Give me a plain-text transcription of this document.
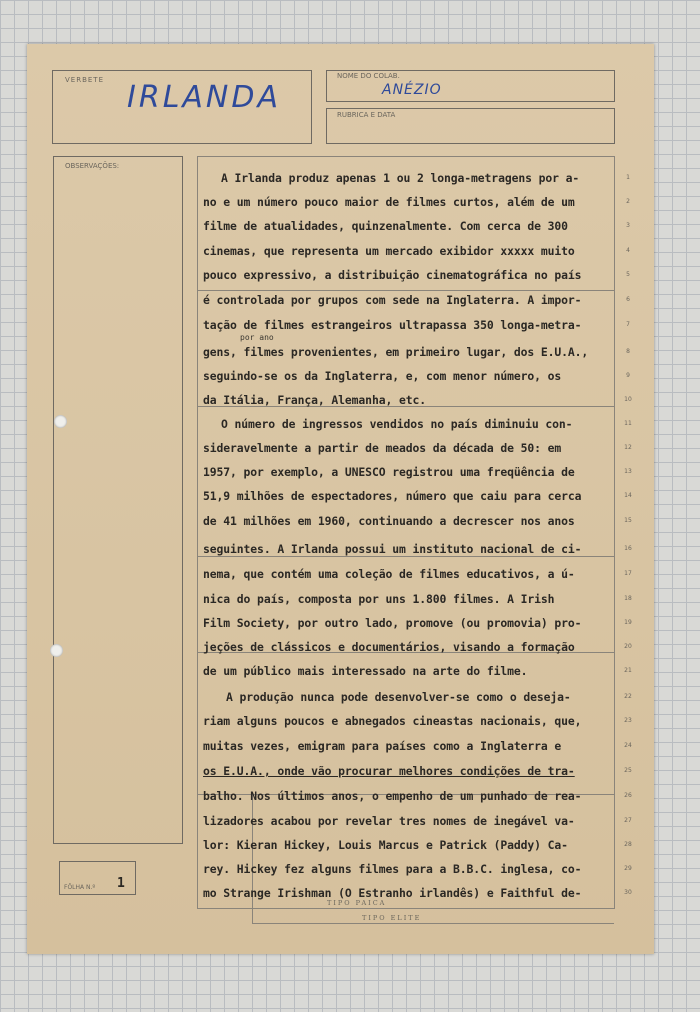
VERBETE IRLANDA
NOME DO COLAB.
ANÉZIO
RUBRICA E DATA
OBSERVAÇÕES:
FÔLHA N.º 1
TIPO PAICA
TIPO ELITE
A Irlanda produz apenas 1 ou 2 longa-metragens por a-
no e um número pouco maior de filmes curtos, além de um
filme de atualidades, quinzenalmente. Com cerca de 300
cinemas, que representa um mercado exibidor xxxxx muito
pouco expressivo, a distribuição cinematográfica no país
é controlada por grupos com sede na Inglaterra. A impor-
tação de filmes estrangeiros ultrapassa 350 longa-metra-
gens, filmes provenientes, em primeiro lugar, dos E.U.A.,
seguindo-se os da Inglaterra, e, com menor número, os
da Itália, França, Alemanha, etc.
O número de ingressos vendidos no país diminuiu con-
sideravelmente a partir de meados da década de 50: em
1957, por exemplo, a UNESCO registrou uma freqüência de
51,9 milhões de espectadores, número que caiu para cerca
de 41 milhões em 1960, continuando a decrescer nos anos
seguintes. A Irlanda possui um instituto nacional de ci-
nema, que contém uma coleção de filmes educativos, a ú-
nica do país, composta por uns 1.800 filmes. A Irish
Film Society, por outro lado, promove (ou promovia) pro-
jeções de clássicos e documentários, visando a formação
de um público mais interessado na arte do filme.
A produção nunca pode desenvolver-se como o deseja-
riam alguns poucos e abnegados cineastas nacionais, que,
muitas vezes, emigram para países como a Inglaterra e
os E.U.A., onde vão procurar melhores condições de tra-
balho. Nos últimos anos, o empenho de um punhado de rea-
lizadores acabou por revelar tres nomes de inegável va-
lor: Kieran Hickey, Louis Marcus e Patrick (Paddy) Ca-
rey. Hickey fez alguns filmes para a B.B.C. inglesa, co-
mo Strange Irishman (O Estranho irlandês) e Faithful de-
por ano
1
2
3
4
5
6
7
8
9
10
11
12
13
14
15
16
17
18
19
20
21
22
23
24
25
26
27
28
29
30
